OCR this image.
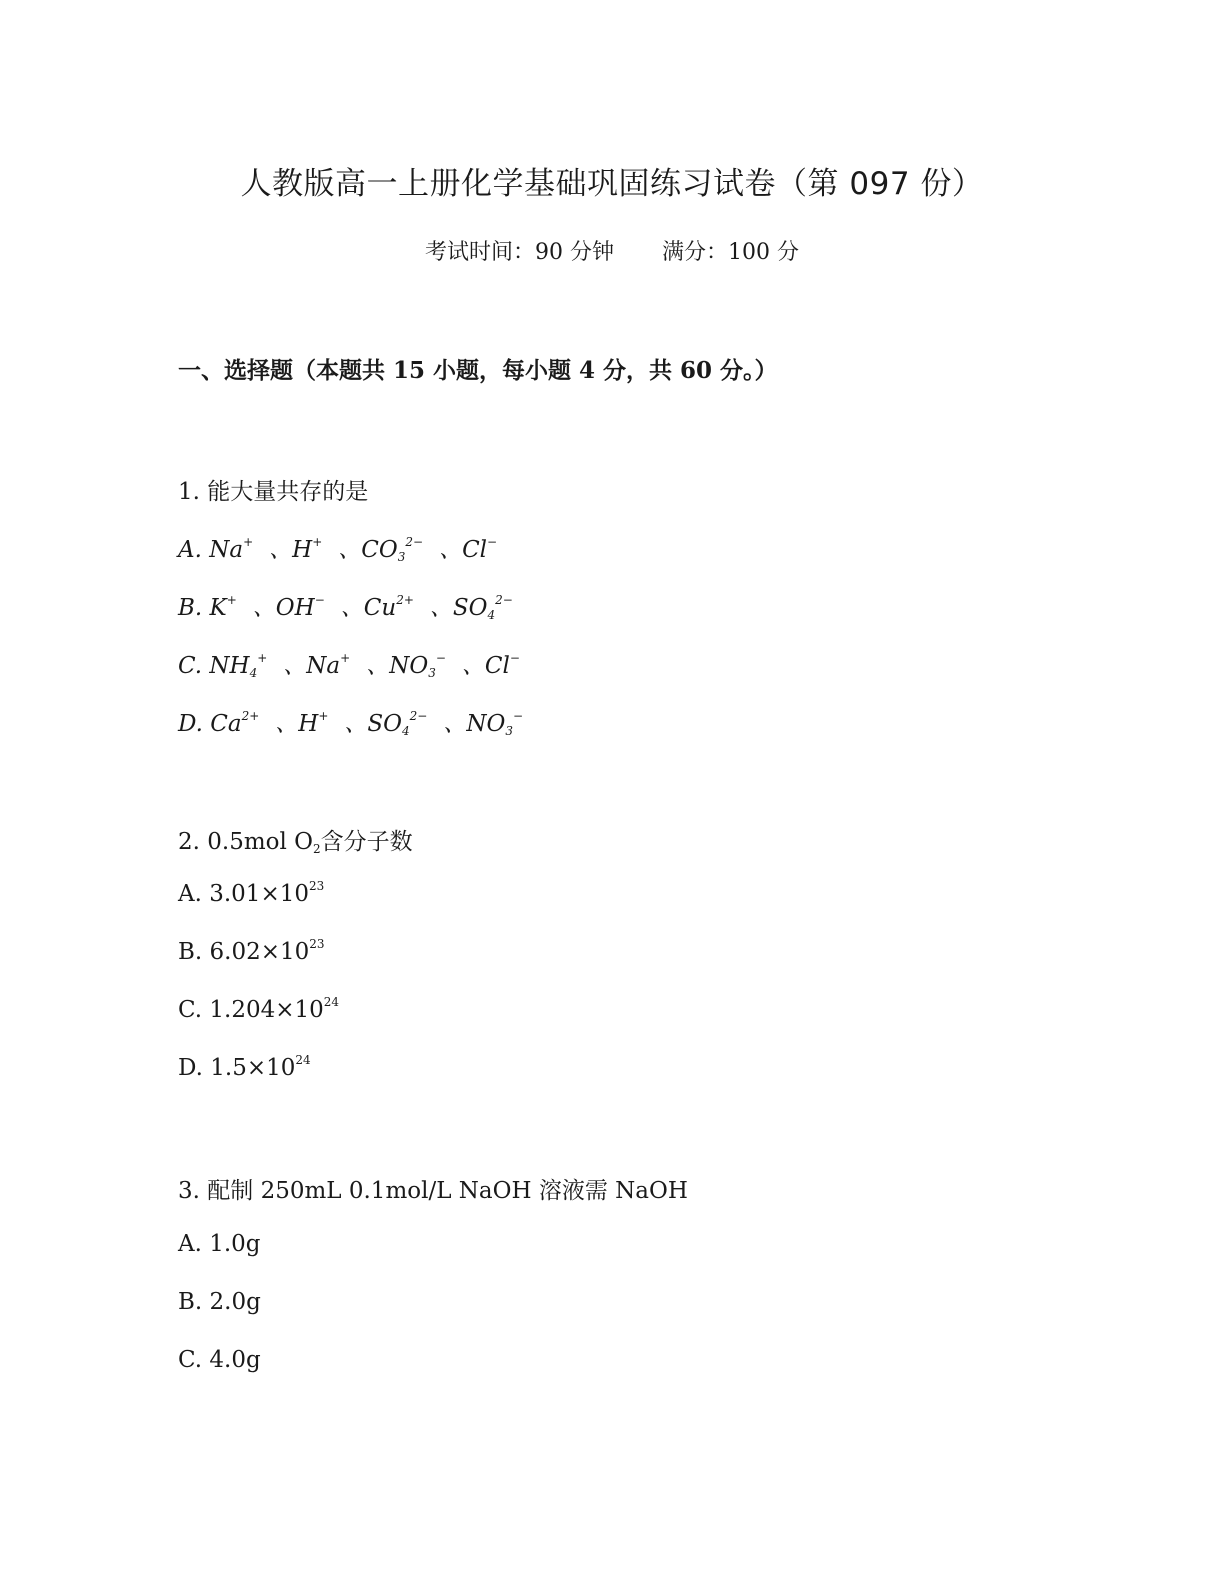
人教版高一上册化学基础巩固练习试卷（第 097 份）
考试时间：90 分钟 满分：100 分
一、选择题（本题共 15 小题，每小题 4 分，共 60 分。）
1. 能大量共存的是
A. Na+ 、H+ 、$CO_3^{2-}$ 、Cl−
B. K+ 、OH− 、$Cu^{2+}$ 、$SO_4^{2-}$
C. $NH_4^+$ 、Na+ 、$NO_3^-$ 、Cl−
D. $Ca^{2+}$ 、H+ 、$SO_4^{2-}$ 、$NO_3^-$
2. 0.5mol $O_2$含分子数
A. $3.01\times 10^{23}$
B. $6.02\times 10^{23}$
C. $1.204\times 10^{24}$
D. $1.5\times 10^{24}$
3. 配制 250mL 0.1mol/L NaOH 溶液需 NaOH
A. 1.0g
B. 2.0g
C. 4.0g
